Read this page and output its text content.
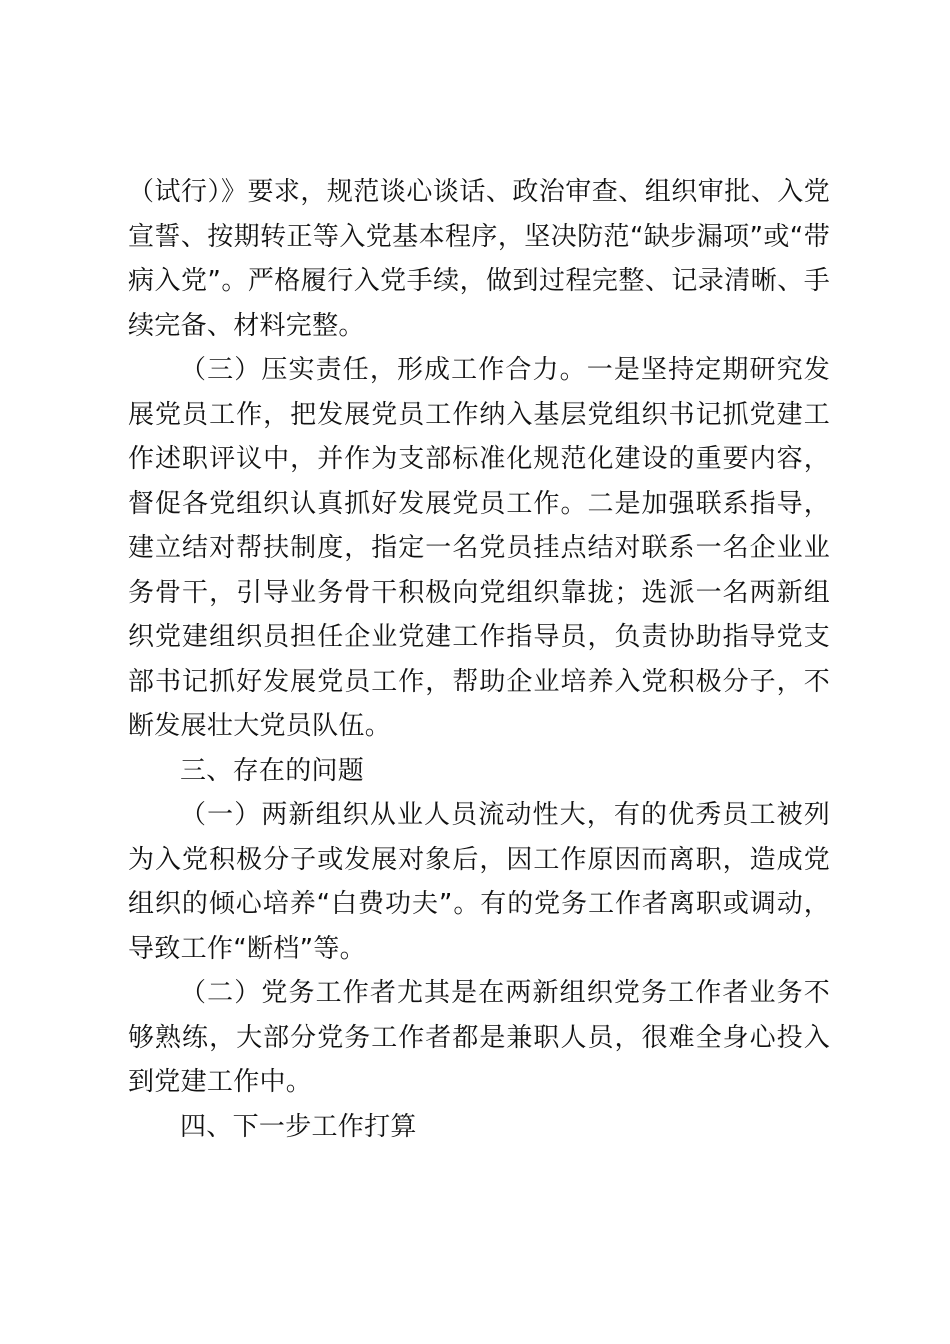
（试行）》要求，规范谈心谈话、政治审查、组织审批、入党宣誓、按期转正等入党基本程序，坚决防范“缺步漏项”或“带病入党”。严格履行入党手续，做到过程完整、记录清晰、手续完备、材料完整。

（三）压实责任，形成工作合力。一是坚持定期研究发展党员工作，把发展党员工作纳入基层党组织书记抓党建工作述职评议中，并作为支部标准化规范化建设的重要内容，督促各党组织认真抓好发展党员工作。二是加强联系指导，建立结对帮扶制度，指定一名党员挂点结对联系一名企业业务骨干，引导业务骨干积极向党组织靠拢；选派一名两新组织党建组织员担任企业党建工作指导员，负责协助指导党支部书记抓好发展党员工作，帮助企业培养入党积极分子，不断发展壮大党员队伍。

三、存在的问题

（一）两新组织从业人员流动性大，有的优秀员工被列为入党积极分子或发展对象后，因工作原因而离职，造成党组织的倾心培养“白费功夫”。有的党务工作者离职或调动，导致工作“断档”等。

（二）党务工作者尤其是在两新组织党务工作者业务不够熟练，大部分党务工作者都是兼职人员，很难全身心投入到党建工作中。

四、下一步工作打算
